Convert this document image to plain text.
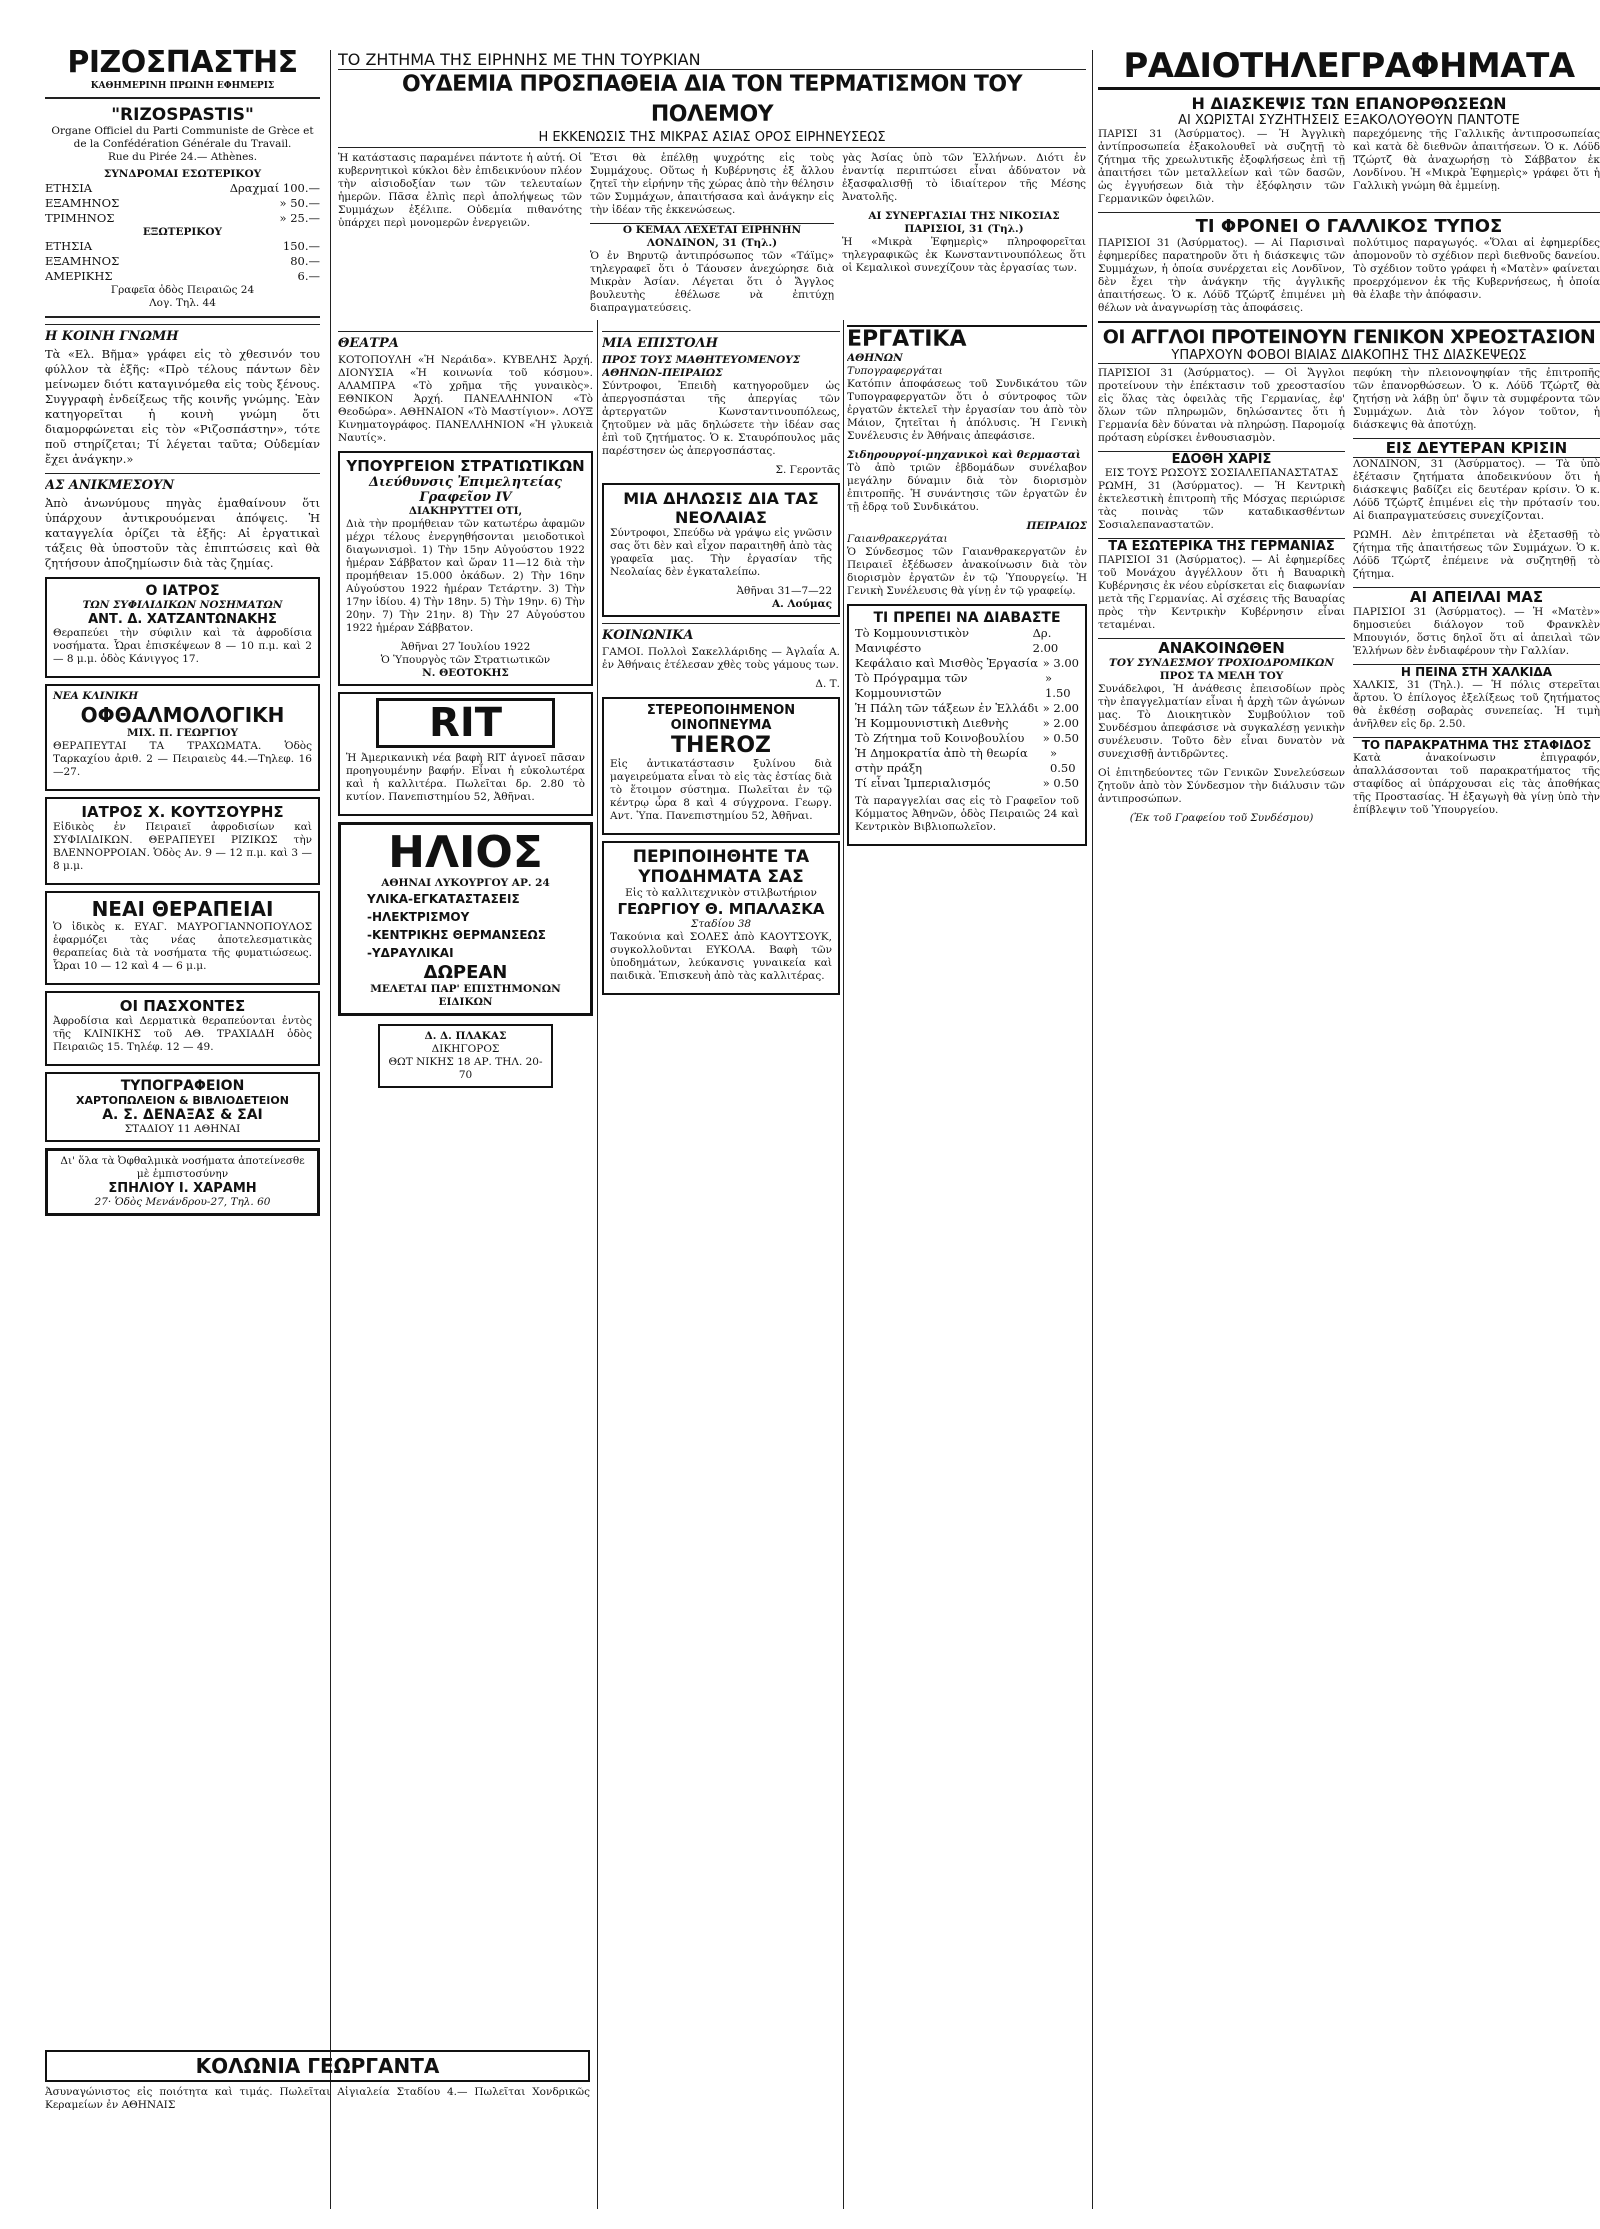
ΡΙΖΟΣΠΑΣΤΗΣ
ΚΑΘΗΜΕΡΙΝΗ ΠΡΩΙΝΗ ΕΦΗΜΕΡΙΣ
"RIZOSPASTIS"
Organe Officiel du Parti Communiste de Grèce et de la Confédération Générale du Travail.
Rue du Pirée 24.— Athènes.
ΣΥΝΔΡΟΜΑΙ ΕΣΩΤΕΡΙΚΟΥ
ΕΤΗΣΙΑ	Δραχμαί 100.—
ΕΞΑΜΗΝΟΣ	» 50.—
ΤΡΙΜΗΝΟΣ	» 25.—
ΕΞΩΤΕΡΙΚΟΥ
ΕΤΗΣΙΑ	150.—
ΕΞΑΜΗΝΟΣ	80.—
ΑΜΕΡΙΚΗΣ	6.—
Γραφεῖα ὁδὸς Πειραιῶς 24
Λογ. Τηλ. 44
Η ΚΟΙΝΗ ΓΝΩΜΗ

Τὰ «Ελ. Βῆμα» γράφει εἰς τὸ χθεσινόν του φύλλον τὰ ἑξῆς: «Πρὸ τέλους πάντων δὲν μείνωμεν διότι καταγινόμεθα εἰς τοὺς ξένους. Συγγραφὴ ἐνδείξεως τῆς κοινῆς γνώμης. Ἐὰν κατηγορεῖται ἡ κοινὴ γνώμη ὅτι διαμορφώνεται εἰς τὸν «Ριζοσπάστην», τότε ποῦ στηρίζεται; Τί λέγεται ταῦτα; Οὐδεμίαν ἔχει ἀνάγκην.»

ΑΣ ΑΝΙΚΜΕΣΟΥΝ

Ἀπὸ ἀνωνύμους πηγὰς ἐμαθαίνουν ὅτι ὑπάρχουν ἀντικρουόμεναι ἀπόψεις. Ἡ καταγγελία ὁρίζει τὰ ἑξῆς: Αἱ ἐργατικαὶ τάξεις θὰ ὑποστοῦν τὰς ἐπιπτώσεις καὶ θὰ ζητήσουν ἀποζημίωσιν διὰ τὰς ζημίας.

Ο ΙΑΤΡΟΣ
ΤΩΝ ΣΥΦΙΛΙΔΙΚΩΝ ΝΟΣΗΜΑΤΩΝ
ΑΝΤ. Δ. ΧΑΤΖΑΝΤΩΝΑΚΗΣ

Θεραπεύει τὴν σύφιλιν καὶ τὰ ἀφροδίσια νοσήματα. Ὧραι ἐπισκέψεων 8 — 10 π.μ. καὶ 2 — 8 μ.μ. ὁδὸς Κάνιγγος 17.

ΝΕΑ ΚΛΙΝΙΚΗ
ΟΦΘΑΛΜΟΛΟΓΙΚΗ
ΜΙΧ. Π. ΓΕΩΡΓΙΟΥ

ΘΕΡΑΠΕΥΤΑΙ ΤΑ ΤΡΑΧΩΜΑΤΑ. Ὁδὸς Ταρκαχίου ἀριθ. 2 — Πειραιεὺς 44.—Τηλεφ. 16—27.

ΙΑΤΡΟΣ Χ. ΚΟΥΤΣΟΥΡΗΣ

Εἰδικὸς ἐν Πειραιεῖ ἀφροδισίων καὶ ΣΥΦΙΛΙΔΙΚΩΝ. ΘΕΡΑΠΕΥΕΙ ΡΙΖΙΚΩΣ τὴν ΒΛΕΝΝΟΡΡΟΙΑΝ. Ὁδὸς Αν. 9 — 12 π.μ. καὶ 3 — 8 μ.μ.

ΝΕΑΙ ΘΕΡΑΠΕΙΑΙ

Ὁ ἰδικὸς κ. ΕΥΑΓ. ΜΑΥΡΟΓΙΑΝΝΟΠΟΥΛΟΣ ἐφαρμόζει τὰς νέας ἀποτελεσματικὰς θεραπείας διὰ τὰ νοσήματα τῆς φυματιώσεως. Ὧραι 10 — 12 καὶ 4 — 6 μ.μ.

ΟΙ ΠΑΣΧΟΝΤΕΣ

Ἀφροδίσια καὶ Δερματικὰ θεραπεύονται ἐντὸς τῆς ΚΛΙΝΙΚΗΣ τοῦ ΑΘ. ΤΡΑΧΙΑΔΗ ὁδὸς Πειραιῶς 15. Τηλέφ. 12 — 49.

ΤΥΠΟΓΡΑΦΕΙΟΝ
ΧΑΡΤΟΠΩΛΕΙΟΝ & ΒΙΒΛΙΟΔΕΤΕΙΟΝ
Α. Σ. ΔΕΝΑΞΑΣ & ΣΑΙ
ΣΤΑΔΙΟΥ 11 ΑΘΗΝΑΙ
Δι' ὅλα τὰ Ὀφθαλμικὰ νοσήματα ἀποτείνεσθε μὲ ἐμπιστοσύνην
ΣΠΗΛΙΟΥ Ι. ΧΑΡΑΜΗ
27· Ὁδὸς Μενάνδρου-27, Τηλ. 60
ΚΟΛΩΝΙΑ ΓΕΩΡΓΑΝΤΑ

Ἀσυναγώνιστος εἰς ποιότητα καὶ τιμάς. Πωλεῖται Αἰγιαλεία Σταδίου 4.— Πωλεῖται Χονδρικῶς Κεραμείων ἐν ΑΘΗΝΑΙΣ

ΤΟ ΖΗΤΗΜΑ ΤΗΣ ΕΙΡΗΝΗΣ ΜΕ ΤΗΝ ΤΟΥΡΚΙΑΝ
ΟΥΔΕΜΙΑ ΠΡΟΣΠΑΘΕΙΑ ΔΙΑ ΤΟΝ ΤΕΡΜΑΤΙΣΜΟΝ ΤΟΥ ΠΟΛΕΜΟΥ
Η ΕΚΚΕΝΩΣΙΣ ΤΗΣ ΜΙΚΡΑΣ ΑΣΙΑΣ ΟΡΟΣ ΕΙΡΗΝΕΥΣΕΩΣ

Ἡ κατάστασις παραμένει πάντοτε ἡ αὐτή. Οἱ κυβερνητικοὶ κύκλοι δὲν ἐπιδεικνύουν πλέον τὴν αἰσιοδοξίαν των τῶν τελευταίων ἡμερῶν. Πᾶσα ἐλπὶς περὶ ἀπολήψεως τῶν Συμμάχων ἐξέλιπε. Οὐδεμία πιθανότης ὑπάρχει περὶ μονομερῶν ἐνεργειῶν.

Ἔτσι θὰ ἐπέλθῃ ψυχρότης εἰς τοὺς Συμμάχους. Οὕτως ἡ Κυβέρνησις ἐξ ἄλλου ζητεῖ τὴν εἰρήνην τῆς χώρας ἀπὸ τὴν θέλησιν τῶν Συμμάχων, ἀπαιτήσασα καὶ ἀνάγκην εἰς τὴν ἰδέαν τῆς ἐκκενώσεως.

Ο ΚΕΜΑΛ ΛΕΧΕΤΑΙ ΕΙΡΗΝΗΝ
ΛΟΝΔΙΝΟΝ, 31 (Τηλ.)

Ὁ ἐν Βηρυτῷ ἀντιπρόσωπος τῶν «Τάϊμς» τηλεγραφεῖ ὅτι ὁ Τάουσεν ἀνεχώρησε διὰ Μικρὰν Ἀσίαν. Λέγεται ὅτι ὁ Ἄγγλος βουλευτὴς ἐθέλωσε νὰ ἐπιτύχῃ διαπραγματεύσεις.

γὰς Ἀσίας ὑπὸ τῶν Ἑλλήνων. Διότι ἐν ἐναντίᾳ περιπτώσει εἶναι ἀδύνατον νὰ ἐξασφαλισθῇ τὸ ἰδιαίτερον τῆς Μέσης Ἀνατολῆς.

ΑΙ ΣΥΝΕΡΓΑΣΙΑΙ ΤΗΣ ΝΙΚΟΣΙΑΣ
ΠΑΡΙΣΙΟΙ, 31 (Τηλ.)

Ἡ «Μικρὰ Ἐφημερὶς» πληροφορεῖται τηλεγραφικῶς ἐκ Κωνσταντινουπόλεως ὅτι οἱ Κεμαλικοὶ συνεχίζουν τὰς ἐργασίας των.

ΘΕΑΤΡΑ

ΚΟΤΟΠΟΥΛΗ «Ἡ Νεράιδα». ΚΥΒΕΛΗΣ Ἀρχή. ΔΙΟΝΥΣΙΑ «Ἡ κοινωνία τοῦ κόσμου». ΑΛΑΜΠΡΑ «Τὸ χρῆμα τῆς γυναικὸς». ΕΘΝΙΚΟΝ Ἀρχή. ΠΑΝΕΛΛΗΝΙΟΝ «Τὸ Θεοδώρα». ΑΘΗΝΑΙΟΝ «Τὸ Μαστίγιον». ΛΟΥΞ Κινηματογράφος. ΠΑΝΕΛΛΗΝΙΟΝ «Ἡ γλυκειὰ Ναυτίς».

ΥΠΟΥΡΓΕΙΟΝ ΣΤΡΑΤΙΩΤΙΚΩΝ
Διεύθυνσις Ἐπιμελητείας
Γραφεῖον IV
ΔΙΑΚΗΡΥΤΤΕΙ ΟΤΙ,

Διὰ τὴν προμήθειαν τῶν κατωτέρω ἀφαμῶν μέχρι τέλους ἐνεργηθήσονται μειοδοτικοὶ διαγωνισμοὶ. 1) Τὴν 15ην Αὐγούστου 1922 ἡμέραν Σάββατον καὶ ὥραν 11—12 διὰ τὴν προμήθειαν 15.000 ὀκάδων. 2) Τὴν 16ην Αὐγούστου 1922 ἡμέραν Τετάρτην. 3) Τὴν 17ην ἰδίου. 4) Τὴν 18ην. 5) Τὴν 19ην. 6) Τὴν 20ην. 7) Τὴν 21ην. 8) Τὴν 27 Αὐγούστου 1922 ἡμέραν Σάββατον.

Ἀθῆναι 27 Ἰουλίου 1922
Ὁ Ὑπουργὸς τῶν Στρατιωτικῶν
Ν. ΘΕΟΤΟΚΗΣ
RIT

Ἡ Ἀμερικανικὴ νέα βαφὴ RIT ἀγνοεῖ πᾶσαν προηγουμένην βαφήν. Εἶναι ἡ εὐκολωτέρα καὶ ἡ καλλιτέρα. Πωλεῖται δρ. 2.80 τὸ κυτίον. Πανεπιστημίου 52, Ἀθῆναι.

ΗΛΙΟΣ
ΑΘΗΝΑΙ ΛΥΚΟΥΡΓΟΥ ΑΡ. 24
ΥΛΙΚΑ-ΕΓΚΑΤΑΣΤΑΣΕΙΣ
-ΗΛΕΚΤΡΙΣΜΟΥ
-ΚΕΝΤΡΙΚΗΣ ΘΕΡΜΑΝΣΕΩΣ
-ΥΔΡΑΥΛΙΚΑΙ
ΔΩΡΕΑΝ
ΜΕΛΕΤΑΙ ΠΑΡ' ΕΠΙΣΤΗΜΟΝΩΝ ΕΙΔΙΚΩΝ
Δ. Δ. ΠΛΑΚΑΣ
ΔΙΚΗΓΟΡΟΣ
ΘΩΤ ΝΙΚΗΣ 18 ΑΡ. ΤΗΛ. 20-70
ΜΙΑ ΕΠΙΣΤΟΛΗ
ΠΡΟΣ ΤΟΥΣ ΜΑΘΗΤΕΥΟΜΕΝΟΥΣ ΑΘΗΝΩΝ-ΠΕΙΡΑΙΩΣ

Σύντροφοι, Ἐπειδὴ κατηγοροῦμεν ὡς ἀπεργοσπάσται τῆς ἀπεργίας τῶν ἀρτεργατῶν Κωνσταντινουπόλεως, ζητοῦμεν νὰ μᾶς δηλώσετε τὴν ἰδέαν σας ἐπὶ τοῦ ζητήματος. Ὁ κ. Σταυρόπουλος μᾶς παρέστησεν ὡς ἀπεργοσπάστας.

Σ. Γεροντᾶς
ΜΙΑ ΔΗΛΩΣΙΣ ΔΙΑ ΤΑΣ ΝΕΟΛΑΙΑΣ

Σύντροφοι, Σπεύδω νὰ γράψω εἰς γνῶσιν σας ὅτι δὲν καὶ εἶχον παραιτηθῆ ἀπὸ τὰς γραφεῖα μας. Τὴν ἐργασίαν τῆς Νεολαίας δὲν ἐγκαταλείπω.

Ἀθῆναι 31—7—22
Α. Λούμας
ΚΟΙΝΩΝΙΚΑ

ΓΑΜΟΙ. Πολλοὶ Σακελλάριδης — Ἀγλαΐα Α. ἐν Ἀθήναις ἐτέλεσαν χθὲς τοὺς γάμους των.

Δ. Τ.
ΣΤΕΡΕΟΠΟΙΗΜΕΝΟΝ ΟΙΝΟΠΝΕΥΜΑ
THEROZ

Εἰς ἀντικατάστασιν ξυλίνου διὰ μαγειρεύματα εἶναι τὸ εἰς τὰς ἐστίας διὰ τὸ ἕτοιμον σύστημα. Πωλεῖται ἐν τῷ κέντρῳ ὧρα 8 καὶ 4 σύγχρονα. Γεωργ. Αντ. Ὑπα. Πανεπιστημίου 52, Ἀθῆναι.

ΠΕΡΙΠΟΙΗΘΗΤΕ ΤΑ ΥΠΟΔΗΜΑΤΑ ΣΑΣ
Εἰς τὸ καλλιτεχνικὸν στιλβωτήριον
ΓΕΩΡΓΙΟΥ Θ. ΜΠΑΛΑΣΚΑ
Σταδίου 38

Τακούνια καὶ ΣΟΛΕΣ ἀπὸ ΚΑΟΥΤΣΟΥΚ, συγκολλοῦνται ΕΥΚΟΛΑ. Βαφὴ τῶν ὑποδημάτων, λεύκανσις γυναικεία καὶ παιδικὰ. Ἐπισκευὴ ἀπὸ τὰς καλλιτέρας.

ΕΡΓΑΤΙΚΑ
ΑΘΗΝΩΝ
Τυπογραφεργάται

Κατόπιν ἀποφάσεως τοῦ Συνδικάτου τῶν Τυπογραφεργατῶν ὅτι ὁ σύντροφος τῶν ἐργατῶν ἐκτελεῖ τὴν ἐργασίαν του ἀπὸ τὸν Μάιον, ζητεῖται ἡ ἀπόλυσις. Ἡ Γενικὴ Συνέλευσις ἐν Ἀθήναις ἀπεφάσισε.

Σιδηρουργοί-μηχανικοὶ καὶ θερμασταὶ

Τὸ ἀπὸ τριῶν ἐβδομάδων συνέλαβον μεγάλην δύναμιν διὰ τὸν διορισμὸν ἐπιτροπῆς. Ἡ συνάντησις τῶν ἐργατῶν ἐν τῇ ἑδρᾳ τοῦ Συνδικάτου.

ΠΕΙΡΑΙΩΣ
Γαιανθρακεργάται

Ὁ Σύνδεσμος τῶν Γαιανθρακεργατῶν ἐν Πειραιεῖ ἐξέδωσεν ἀνακοίνωσιν διὰ τὸν διορισμὸν ἐργατῶν ἐν τῷ Ὑπουργείῳ. Ἡ Γενικὴ Συνέλευσις θὰ γίνῃ ἐν τῷ γραφείῳ.

ΤΙ ΠΡΕΠΕΙ ΝΑ ΔΙΑΒΑΣΤΕ
Τὸ Κομμουνιστικὸν Μανιφέστο
Δρ. 2.00
Κεφάλαιο καὶ Μισθὸς Ἐργασία » 3.00
Τὸ Πρόγραμμα τῶν Κομμουνιστῶν
» 1.50
Ἡ Πάλη τῶν τάξεων ἐν Ἑλλάδι » 2.00
Ἡ Κομμουνιστικὴ Διεθνὴς	» 2.00
Τὸ Ζήτημα τοῦ Κοινοβουλίου » 0.50
Ἡ Δημοκρατία ἀπὸ τὴ θεωρία στὴν πράξη
» 0.50
Τί εἶναι Ἱμπεριαλισμός	» 0.50

Τὰ παραγγελίαι σας εἰς τὸ Γραφεῖον τοῦ Κόμματος Ἀθηνῶν, ὁδὸς Πειραιῶς 24 καὶ Κεντρικὸν Βιβλιοπωλεῖον.

ΡΑΔΙΟΤΗΛΕΓΡΑΦΗΜΑΤΑ
Η ΔΙΑΣΚΕΨΙΣ ΤΩΝ ΕΠΑΝΟΡΘΩΣΕΩΝ
ΑΙ ΧΩΡΙΣΤΑΙ ΣΥΖΗΤΗΣΕΙΣ ΕΞΑΚΟΛΟΥΘΟΥΝ ΠΑΝΤΟΤΕ

ΠΑΡΙΣΙ 31 (Ἀσύρματος). — Ἡ Ἀγγλικὴ ἀντίπροσωπεία ἐξακολουθεῖ νὰ συζητῇ τὸ ζήτημα τῆς χρεωλυτικῆς ἐξοφλήσεως ἐπὶ τῇ ἀπαιτήσει τῶν μεταλλείων καὶ τῶν δασῶν, ὡς ἐγγυήσεων διὰ τὴν ἐξόφλησιν τῶν Γερμανικῶν ὀφειλῶν.

παρεχόμενης τῆς Γαλλικῆς ἀντιπροσωπείας καὶ κατὰ δὲ διεθνῶν ἀπαιτήσεων. Ὁ κ. Λόϋδ Τζώρτζ θὰ ἀναχωρήσῃ τὸ Σάββατον ἐκ Λονδίνου. Ἡ «Μικρὰ Ἐφημερὶς» γράφει ὅτι ἡ Γαλλικὴ γνώμη θὰ ἐμμείνῃ.

ΤΙ ΦΡΟΝΕΙ Ο ΓΑΛΛΙΚΟΣ ΤΥΠΟΣ

ΠΑΡΙΣΙΟΙ 31 (Ἀσύρματος). — Αἱ Παρισιναὶ ἐφημερίδες παρατηροῦν ὅτι ἡ διάσκεψις τῶν Συμμάχων, ἡ ὁποία συνέρχεται εἰς Λονδῖνον, δὲν ἔχει τὴν ἀνάγκην τῆς ἀγγλικῆς ἀπαιτήσεως. Ὁ κ. Λόϋδ Τζώρτζ ἐπιμένει μὴ θέλων νὰ ἀναγνωρίσῃ τὰς ἀποφάσεις.

πολύτιμος παραγωγός. «Ὅλαι αἱ ἐφημερίδες ἀπομονοῦν τὸ σχέδιον περὶ διεθνοῦς δανείου. Τὸ σχέδιον τοῦτο γράφει ἡ «Ματὲν» φαίνεται προερχόμενον ἐκ τῆς Κυβερνήσεως, ἡ ὁποία θὰ ἐλαβε τὴν ἀπόφασιν.

ΟΙ ΑΓΓΛΟΙ ΠΡΟΤΕΙΝΟΥΝ ΓΕΝΙΚΟΝ ΧΡΕΟΣΤΑΣΙΟΝ
ΥΠΑΡΧΟΥΝ ΦΟΒΟΙ ΒΙΑΙΑΣ ΔΙΑΚΟΠΗΣ ΤΗΣ ΔΙΑΣΚΕΨΕΩΣ

ΠΑΡΙΣΙΟΙ 31 (Ἀσύρματος). — Οἱ Ἄγγλοι προτείνουν τὴν ἐπέκτασιν τοῦ χρεοστασίου εἰς ὅλας τὰς ὀφειλὰς τῆς Γερμανίας, ἐφ' ὅλων τῶν πληρωμῶν, δηλώσαντες ὅτι ἡ Γερμανία δὲν δύναται νὰ πληρώσῃ. Παρομοίᾳ πρόταση εὑρίσκει ἐνθουσιασμὸν.

ΕΔΟΘΗ ΧΑΡΙΣ
ΕΙΣ ΤΟΥΣ ΡΩΣΟΥΣ ΣΟΣΙΑΛΕΠΑΝΑΣΤΑΤΑΣ

ΡΩΜΗ, 31 (Ἀσύρματος). — Ἡ Κεντρικὴ ἐκτελεστικὴ ἐπιτροπὴ τῆς Μόσχας περιώρισε τὰς ποινὰς τῶν καταδικασθέντων Σοσιαλεπαναστατῶν.

ΤΑ ΕΣΩΤΕΡΙΚΑ ΤΗΣ ΓΕΡΜΑΝΙΑΣ

ΠΑΡΙΣΙΟΙ 31 (Ἀσύρματος). — Αἱ ἐφημερίδες τοῦ Μονάχου ἀγγέλλουν ὅτι ἡ Βαυαρικὴ Κυβέρνησις ἐκ νέου εὑρίσκεται εἰς διαφωνίαν μετὰ τῆς Γερμανίας. Αἱ σχέσεις τῆς Βαυαρίας πρὸς τὴν Κεντρικὴν Κυβέρνησιν εἶναι τεταμέναι.

ΑΝΑΚΟΙΝΩΘΕΝ
ΤΟΥ ΣΥΝΔΕΣΜΟΥ ΤΡΟΧΙΟΔΡΟΜΙΚΩΝ
ΠΡΟΣ ΤΑ ΜΕΛΗ ΤΟΥ

Συνάδελφοι, Ἡ ἀνάθεσις ἐπεισοδίων πρὸς τὴν ἐπαγγελματίαν εἶναι ἡ ἀρχὴ τῶν ἀγώνων μας. Τὸ Διοικητικὸν Συμβούλιον τοῦ Συνδέσμου ἀπεφάσισε νὰ συγκαλέσῃ γενικὴν συνέλευσιν. Τοῦτο δὲν εἶναι δυνατὸν νὰ συνεχισθῇ ἀντιδρῶντες.

Οἱ ἐπιτηδεύοντες τῶν Γενικῶν Συνελεύσεων ζητοῦν ἀπὸ τὸν Σύνδεσμον τὴν διάλυσιν τῶν ἀντιπροσώπων.

(Ἐκ τοῦ Γραφείου τοῦ Συνδέσμου)

πεφύκη τὴν πλειονοψηφίαν τῆς ἐπιτροπῆς τῶν ἐπανορθώσεων. Ὁ κ. Λόϋδ Τζώρτζ θὰ ζητήσῃ νὰ λάβῃ ὑπ' ὄψιν τὰ συμφέροντα τῶν Συμμάχων. Διὰ τὸν λόγον τοῦτον, ἡ διάσκεψις θὰ ἀποτύχῃ.

ΕΙΣ ΔΕΥΤΕΡΑΝ ΚΡΙΣΙΝ

ΛΟΝΔΙΝΟΝ, 31 (Ἀσύρματος). — Τὰ ὑπὸ ἐξέτασιν ζητήματα ἀποδεικνύουν ὅτι ἡ διάσκεψις βαδίζει εἰς δευτέραν κρίσιν. Ὁ κ. Λόϋδ Τζώρτζ ἐπιμένει εἰς τὴν πρότασίν του. Αἱ διαπραγματεύσεις συνεχίζονται.

ΡΩΜΗ. Δὲν ἐπιτρέπεται νὰ ἐξετασθῇ τὸ ζήτημα τῆς ἀπαιτήσεως τῶν Συμμάχων. Ὁ κ. Λόϋδ Τζώρτζ ἐπέμεινε νὰ συζητηθῇ τὸ ζήτημα.

ΑΙ ΑΠΕΙΛΑΙ ΜΑΣ

ΠΑΡΙΣΙΟΙ 31 (Ἀσύρματος). — Ἡ «Ματὲν» δημοσιεύει διάλογον τοῦ Φρανκλὲν Μπουγιόν, ὅστις δηλοῖ ὅτι αἱ ἀπειλαὶ τῶν Ἑλλήνων δὲν ἐνδιαφέρουν τὴν Γαλλίαν.

Η ΠΕΙΝΑ ΣΤΗ ΧΑΛΚΙΔΑ

ΧΑΛΚΙΣ, 31 (Τηλ.). — Ἡ πόλις στερεῖται ἄρτου. Ὁ ἐπίλογος ἐξελίξεως τοῦ ζητήματος θὰ ἐκθέσῃ σοβαρὰς συνεπείας. Ἡ τιμὴ ἀνῆλθεν εἰς δρ. 2.50.

ΤΟ ΠΑΡΑΚΡΑΤΗΜΑ ΤΗΣ ΣΤΑΦΙΔΟΣ

Κατὰ ἀνακοίνωσιν ἐπιγραφόν, ἀπαλλάσσονται τοῦ παρακρατήματος τῆς σταφίδος αἱ ὑπάρχουσαι εἰς τὰς ἀποθήκας τῆς Προστασίας. Ἡ ἐξαγωγὴ θὰ γίνῃ ὑπὸ τὴν ἐπίβλεψιν τοῦ Ὑπουργείου.
